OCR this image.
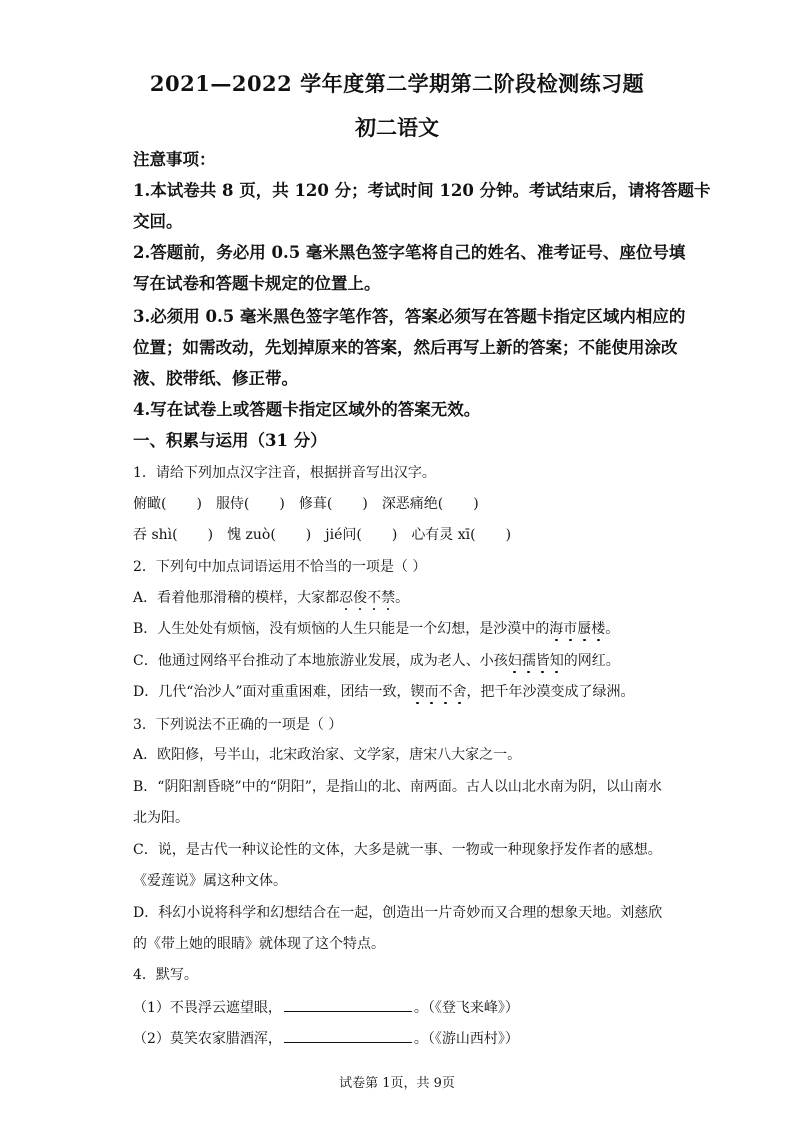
2021—2022 学年度第二学期第二阶段检测练习题
初二语文
注意事项：
1.本试卷共 8 页，共 120 分；考试时间 120 分钟。考试结束后，请将答题卡
交回。
2.答题前，务必用 0.5 毫米黑色签字笔将自己的姓名、准考证号、座位号填
写在试卷和答题卡规定的位置上。
3.必须用 0.5 毫米黑色签字笔作答，答案必须写在答题卡指定区域内相应的
位置；如需改动，先划掉原来的答案，然后再写上新的答案；不能使用涂改
液、胶带纸、修正带。
4.写在试卷上或答题卡指定区域外的答案无效。
一、积累与运用（31 分）
1．请给下列加点汉字注音，根据拼音写出汉字。
俯瞰( ) 服侍( ) 修葺( ) 深恶痛绝( )
吞 shì( ) 愧 zuò( ) jié问( ) 心有灵 xī( )
2．下列句中加点词语运用不恰当的一项是（ ）
A．看着他那滑稽的模样，大家都忍俊不禁。
B．人生处处有烦恼，没有烦恼的人生只能是一个幻想，是沙漠中的海市蜃楼。
C．他通过网络平台推动了本地旅游业发展，成为老人、小孩妇孺皆知的网红。
D．几代“治沙人”面对重重困难，团结一致，锲而不舍，把千年沙漠变成了绿洲。
3．下列说法不正确的一项是（ ）
A．欧阳修，号半山，北宋政治家、文学家，唐宋八大家之一。
B．“阴阳割昏晓”中的“阴阳”，是指山的北、南两面。古人以山北水南为阴，以山南水
北为阳。
C．说，是古代一种议论性的文体，大多是就一事、一物或一种现象抒发作者的感想。
《爱莲说》属这种文体。
D．科幻小说将科学和幻想结合在一起，创造出一片奇妙而又合理的想象天地。刘慈欣
的《带上她的眼睛》就体现了这个特点。
4．默写。
（1）不畏浮云遮望眼，	。（《登飞来峰》）
（2）莫笑农家腊酒浑，	。（《游山西村》）
试卷第 1页，共 9页
